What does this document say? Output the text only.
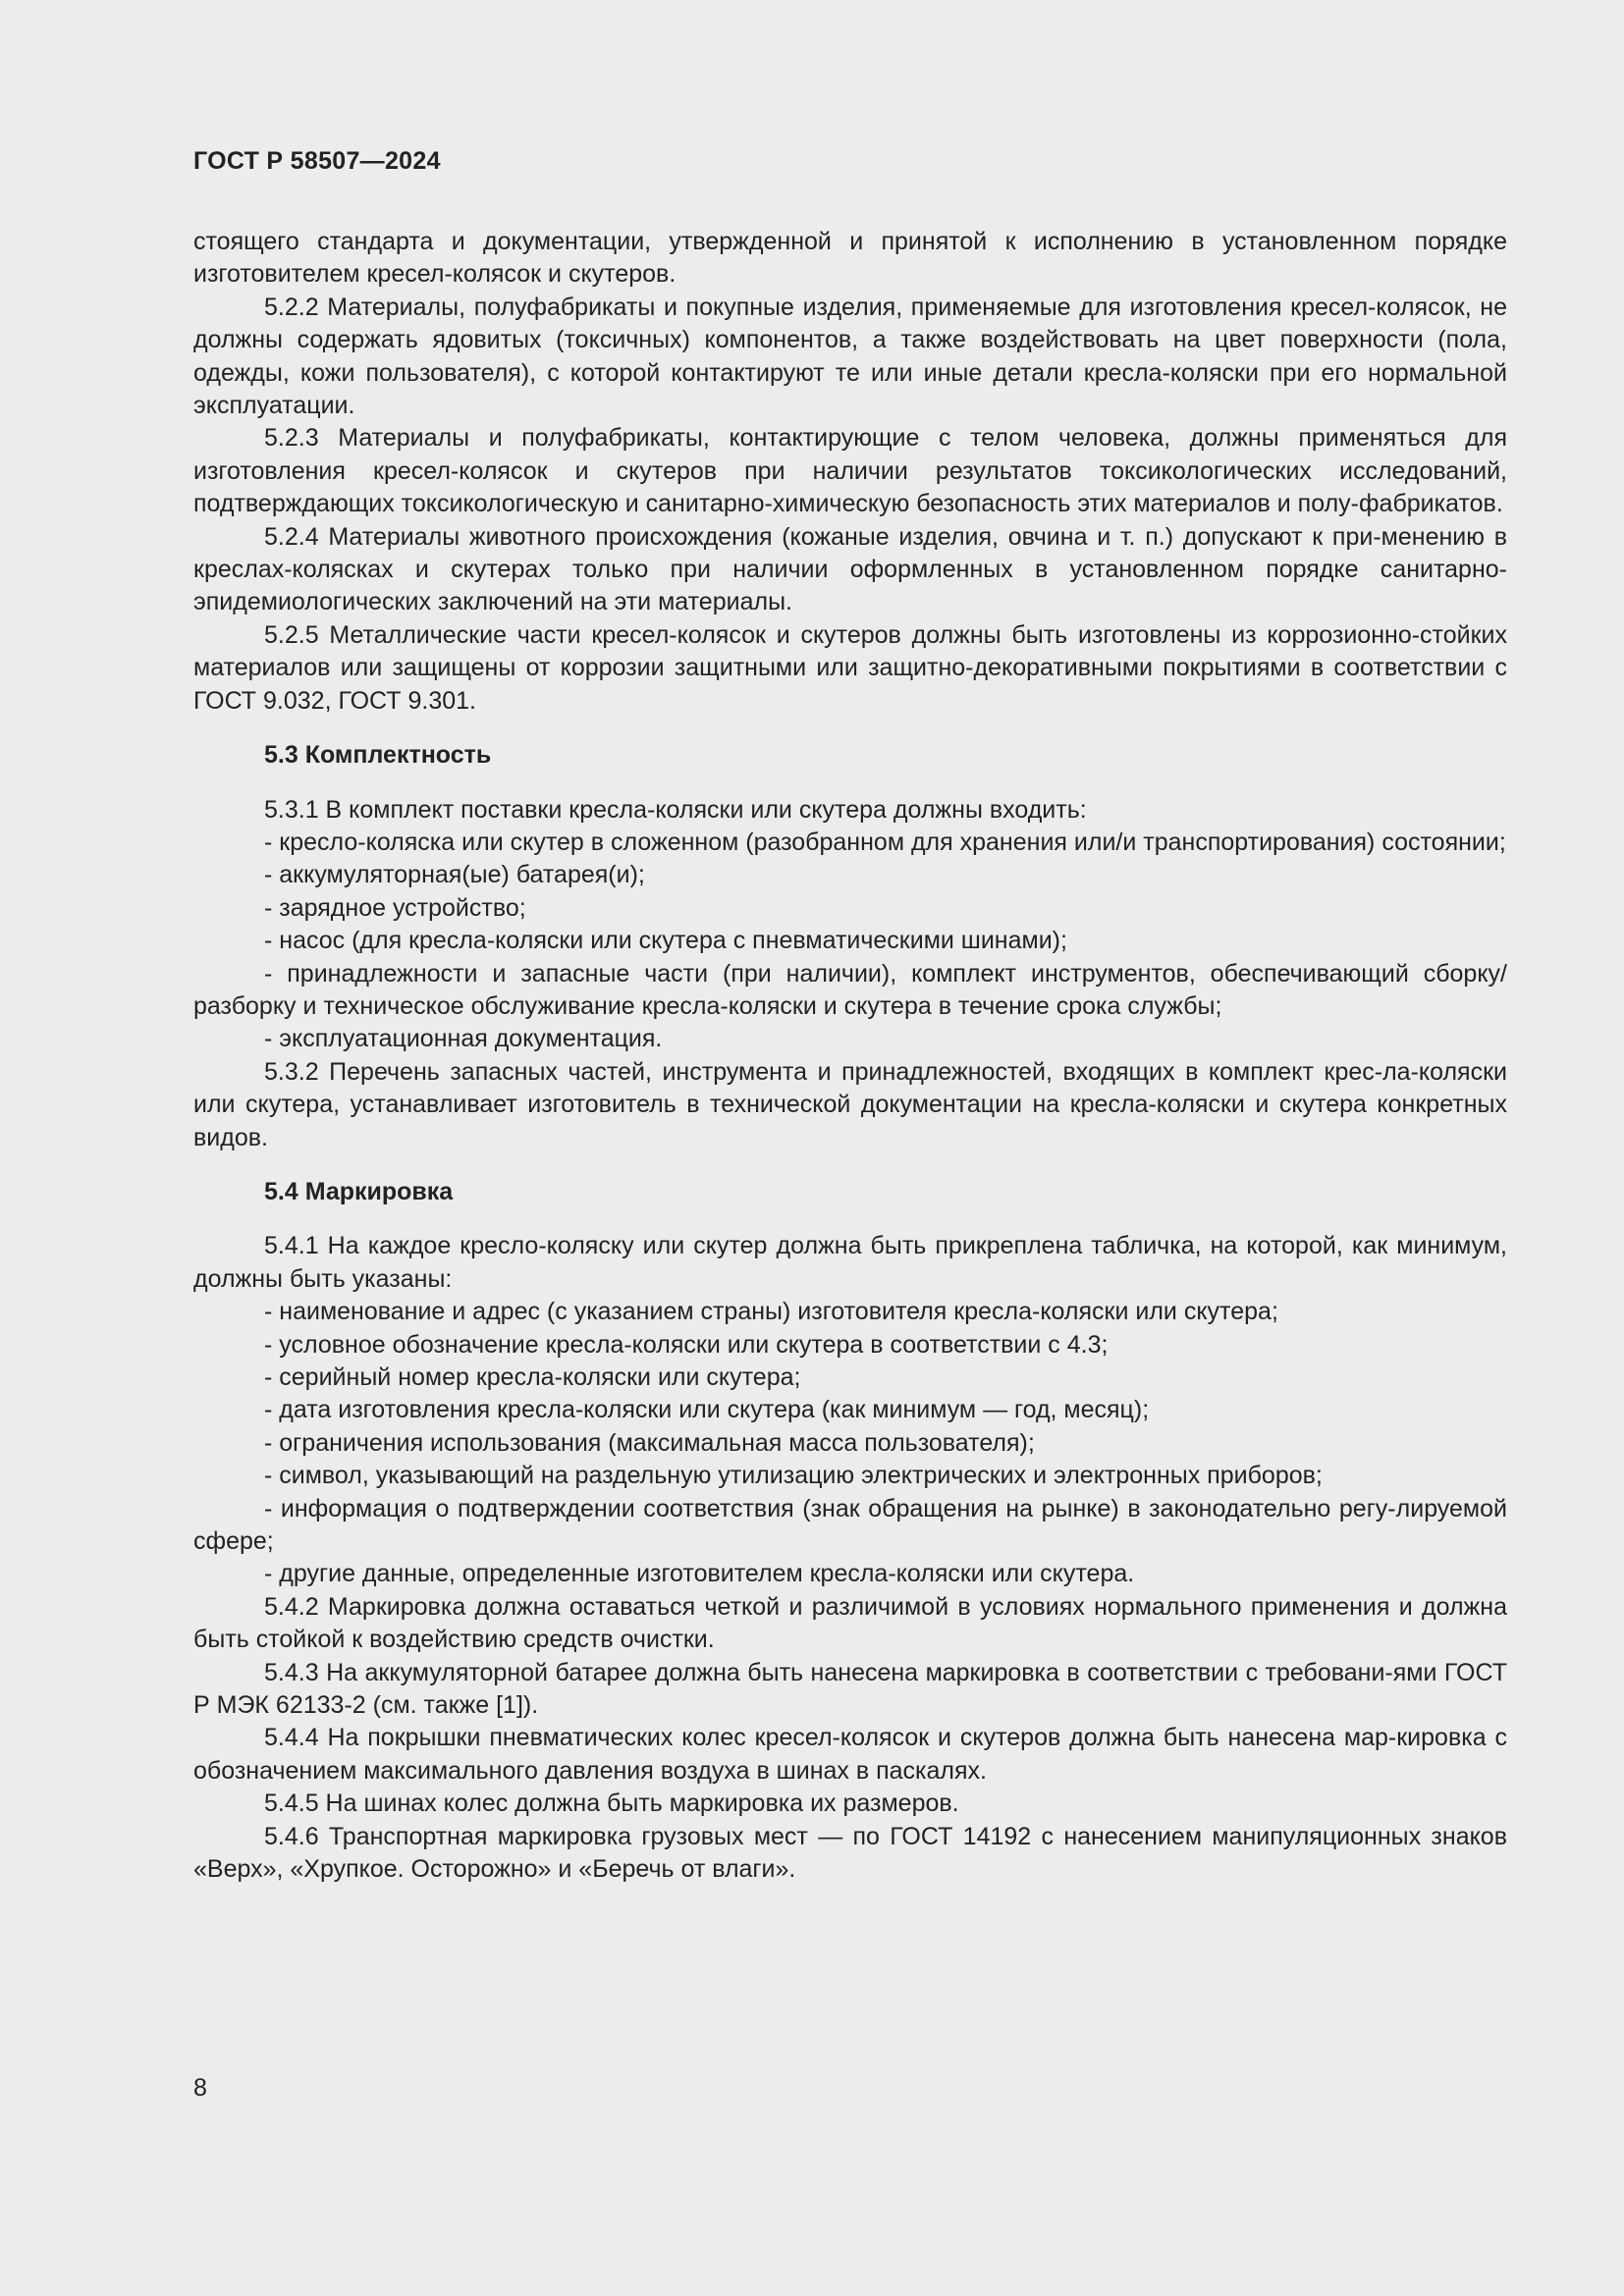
ГОСТ Р 58507—2024

стоящего стандарта и документации, утвержденной и принятой к исполнению в установленном порядке изготовителем кресел-колясок и скутеров.

5.2.2 Материалы, полуфабрикаты и покупные изделия, применяемые для изготовления кресел-колясок, не должны содержать ядовитых (токсичных) компонентов, а также воздействовать на цвет поверхности (пола, одежды, кожи пользователя), с которой контактируют те или иные детали кресла-коляски при его нормальной эксплуатации.

5.2.3 Материалы и полуфабрикаты, контактирующие с телом человека, должны применяться для изготовления кресел-колясок и скутеров при наличии результатов токсикологических исследований, подтверждающих токсикологическую и санитарно-химическую безопасность этих материалов и полу-фабрикатов.

5.2.4 Материалы животного происхождения (кожаные изделия, овчина и т. п.) допускают к при-менению в креслах-колясках и скутерах только при наличии оформленных в установленном порядке санитарно-эпидемиологических заключений на эти материалы.

5.2.5 Металлические части кресел-колясок и скутеров должны быть изготовлены из коррозионно-стойких материалов или защищены от коррозии защитными или защитно-декоративными покрытиями в соответствии с ГОСТ 9.032, ГОСТ 9.301.

5.3 Комплектность

5.3.1 В комплект поставки кресла-коляски или скутера должны входить:

- кресло-коляска или скутер в сложенном (разобранном для хранения или/и транспортирования) состоянии;

- аккумуляторная(ые) батарея(и);

- зарядное устройство;

- насос (для кресла-коляски или скутера с пневматическими шинами);

- принадлежности и запасные части (при наличии), комплект инструментов, обеспечивающий сборку/разборку и техническое обслуживание кресла-коляски и скутера в течение срока службы;

- эксплуатационная документация.

5.3.2 Перечень запасных частей, инструмента и принадлежностей, входящих в комплект крес-ла-коляски или скутера, устанавливает изготовитель в технической документации на кресла-коляски и скутера конкретных видов.

5.4 Маркировка

5.4.1 На каждое кресло-коляску или скутер должна быть прикреплена табличка, на которой, как минимум, должны быть указаны:

- наименование и адрес (с указанием страны) изготовителя кресла-коляски или скутера;

- условное обозначение кресла-коляски или скутера в соответствии с 4.3;

- серийный номер кресла-коляски или скутера;

- дата изготовления кресла-коляски или скутера (как минимум — год, месяц);

- ограничения использования (максимальная масса пользователя);

- символ, указывающий на раздельную утилизацию электрических и электронных приборов;

- информация о подтверждении соответствия (знак обращения на рынке) в законодательно регу-лируемой сфере;

- другие данные, определенные изготовителем кресла-коляски или скутера.

5.4.2 Маркировка должна оставаться четкой и различимой в условиях нормального применения и должна быть стойкой к воздействию средств очистки.

5.4.3 На аккумуляторной батарее должна быть нанесена маркировка в соответствии с требовани-ями ГОСТ Р МЭК 62133-2 (см. также [1]).

5.4.4 На покрышки пневматических колес кресел-колясок и скутеров должна быть нанесена мар-кировка с обозначением максимального давления воздуха в шинах в паскалях.

5.4.5 На шинах колес должна быть маркировка их размеров.

5.4.6 Транспортная маркировка грузовых мест — по ГОСТ 14192 с нанесением манипуляционных знаков «Верх», «Хрупкое. Осторожно» и «Беречь от влаги».

8
